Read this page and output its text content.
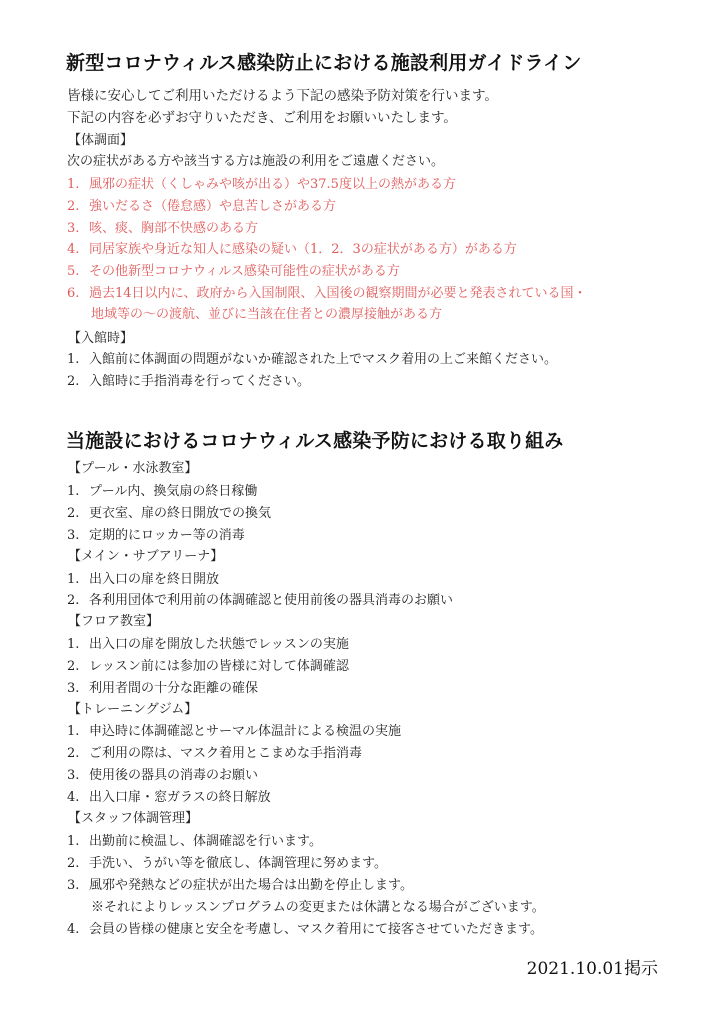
新型コロナウィルス感染防止における施設利用ガイドライン

皆様に安心してご利用いただけるよう下記の感染予防対策を行います。

下記の内容を必ずお守りいただき、ご利用をお願いいたします。

【体調面】

次の症状がある方や該当する方は施設の利用をご遠慮ください。

1. 風邪の症状（くしゃみや咳が出る）や37.5度以上の熱がある方

2. 強いだるさ（倦怠感）や息苦しさがある方

3. 咳、痰、胸部不快感のある方

4. 同居家族や身近な知人に感染の疑い（1．2．3の症状がある方）がある方

5. その他新型コロナウィルス感染可能性の症状がある方

6. 過去14日以内に、政府から入国制限、入国後の観察期間が必要と発表されている国・

地域等の～の渡航、並びに当該在住者との濃厚接触がある方

【入館時】

1. 入館前に体調面の問題がないか確認された上でマスク着用の上ご来館ください。

2. 入館時に手指消毒を行ってください。

当施設におけるコロナウィルス感染予防における取り組み

【プール・水泳教室】

1. プール内、換気扇の終日稼働

2. 更衣室、扉の終日開放での換気

3. 定期的にロッカー等の消毒

【メイン・サブアリーナ】

1. 出入口の扉を終日開放

2. 各利用団体で利用前の体調確認と使用前後の器具消毒のお願い

【フロア教室】

1. 出入口の扉を開放した状態でレッスンの実施

2. レッスン前には参加の皆様に対して体調確認

3. 利用者間の十分な距離の確保

【トレーニングジム】

1. 申込時に体調確認とサーマル体温計による検温の実施

2. ご利用の際は、マスク着用とこまめな手指消毒

3. 使用後の器具の消毒のお願い

4. 出入口扉・窓ガラスの終日解放

【スタッフ体調管理】

1. 出勤前に検温し、体調確認を行います。

2. 手洗い、うがい等を徹底し、体調管理に努めます。

3. 風邪や発熱などの症状が出た場合は出勤を停止します。

※それによりレッスンプログラムの変更または休講となる場合がございます。

4. 会員の皆様の健康と安全を考慮し、マスク着用にて接客させていただきます。

2021.10.01掲示
